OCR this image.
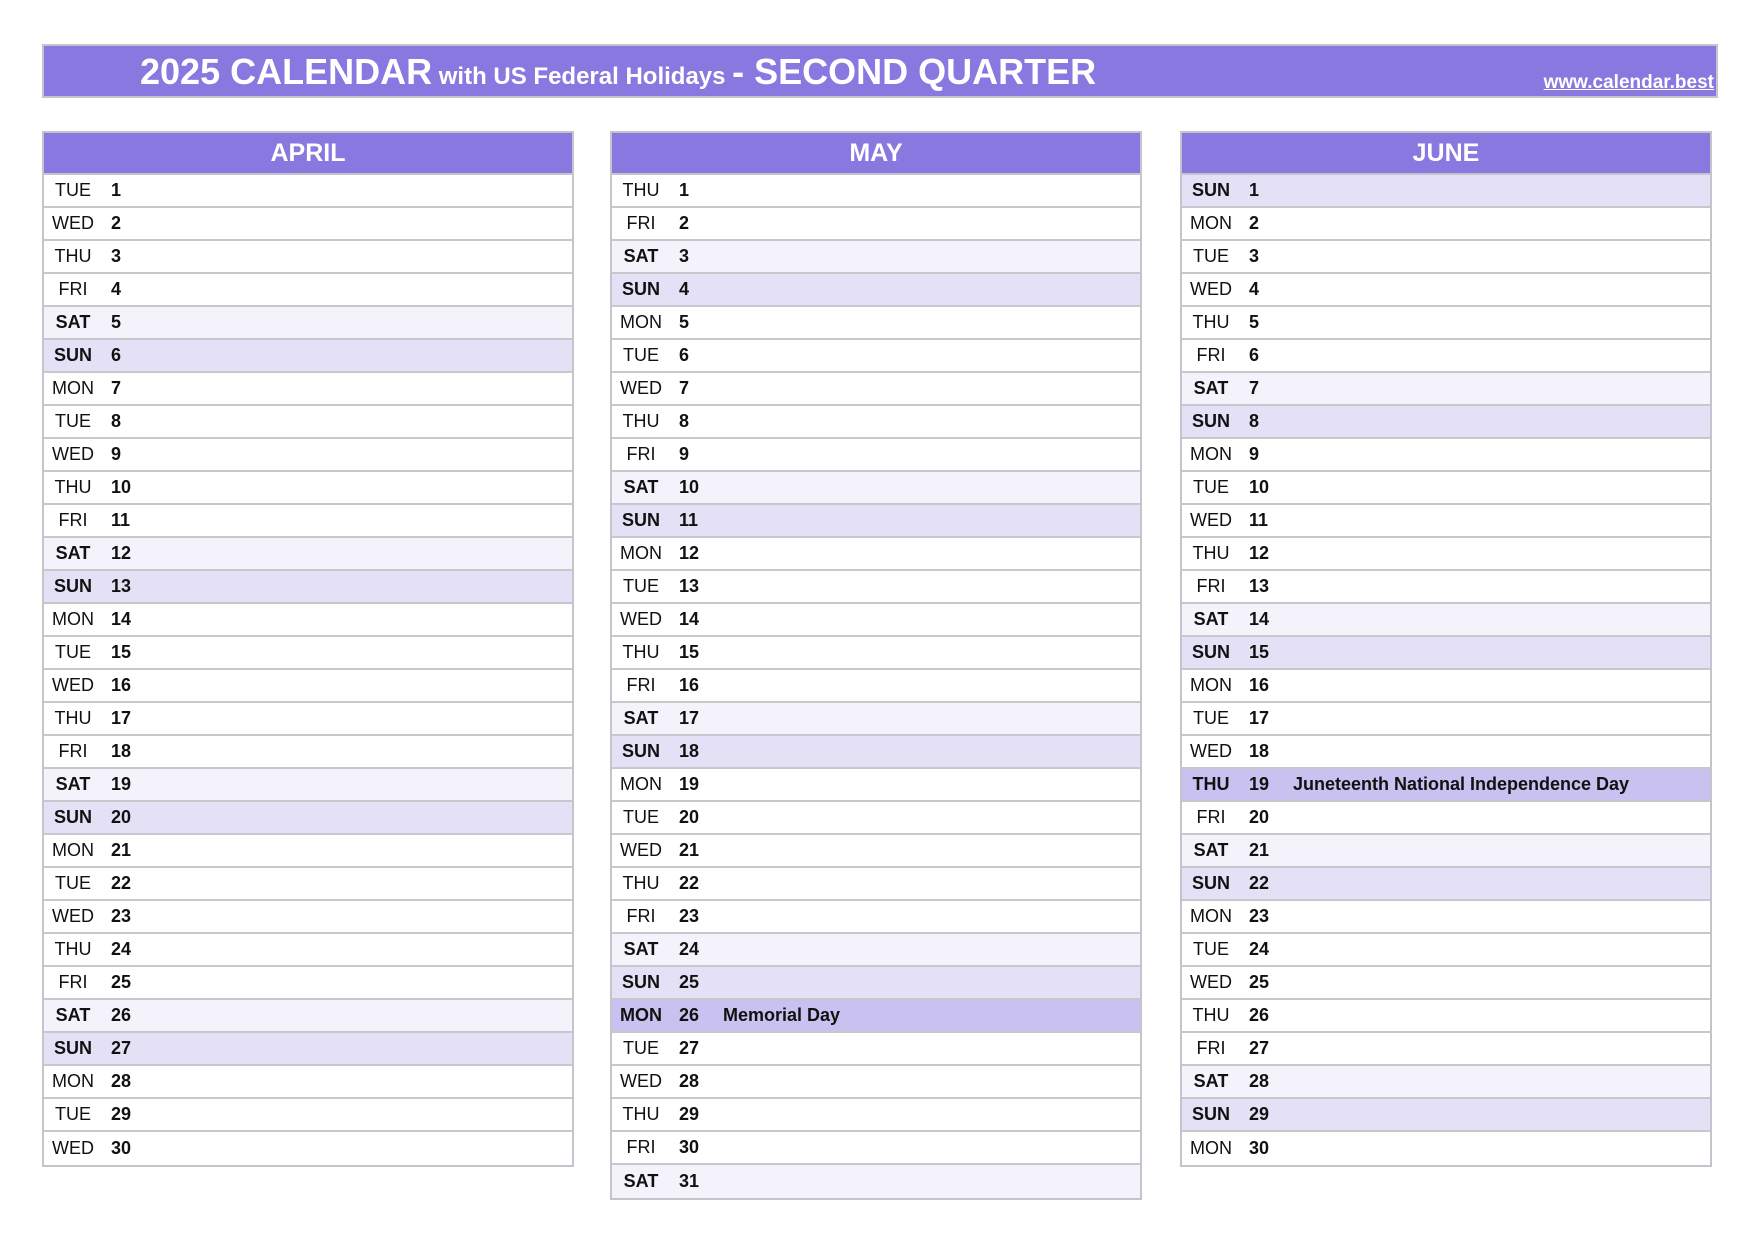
2025 CALENDAR with US Federal Holidays - SECOND QUARTER	www.calendar.best
APRIL
TUE	1
WED 2
THU	3
FRI	4
SAT	5
SUN	6
MON 7
TUE	8
WED 9
THU	10
FRI	11
SAT	12
SUN	13
MON 14
TUE	15
WED 16
THU	17
FRI	18
SAT	19
SUN	20
MON 21
TUE	22
WED 23
THU	24
FRI	25
SAT	26
SUN	27
MON 28
TUE	29
WED 30
MAY
THU	1
FRI	2
SAT	3
SUN	4
MON 5
TUE	6
WED 7
THU	8
FRI	9
SAT	10
SUN	11
MON 12
TUE	13
WED 14
THU	15
FRI	16
SAT	17
SUN	18
MON 19
TUE	20
WED 21
THU	22
FRI	23
SAT	24
SUN	25
MON 26	Memorial Day
TUE	27
WED 28
THU	29
FRI	30
SAT	31
JUNE
SUN	1
MON 2
TUE	3
WED 4
THU	5
FRI	6
SAT	7
SUN	8
MON 9
TUE	10
WED 11
THU	12
FRI	13
SAT	14
SUN	15
MON 16
TUE	17
WED 18
THU	19	Juneteenth National Independence Day
FRI	20
SAT	21
SUN	22
MON 23
TUE	24
WED 25
THU	26
FRI	27
SAT	28
SUN	29
MON 30
